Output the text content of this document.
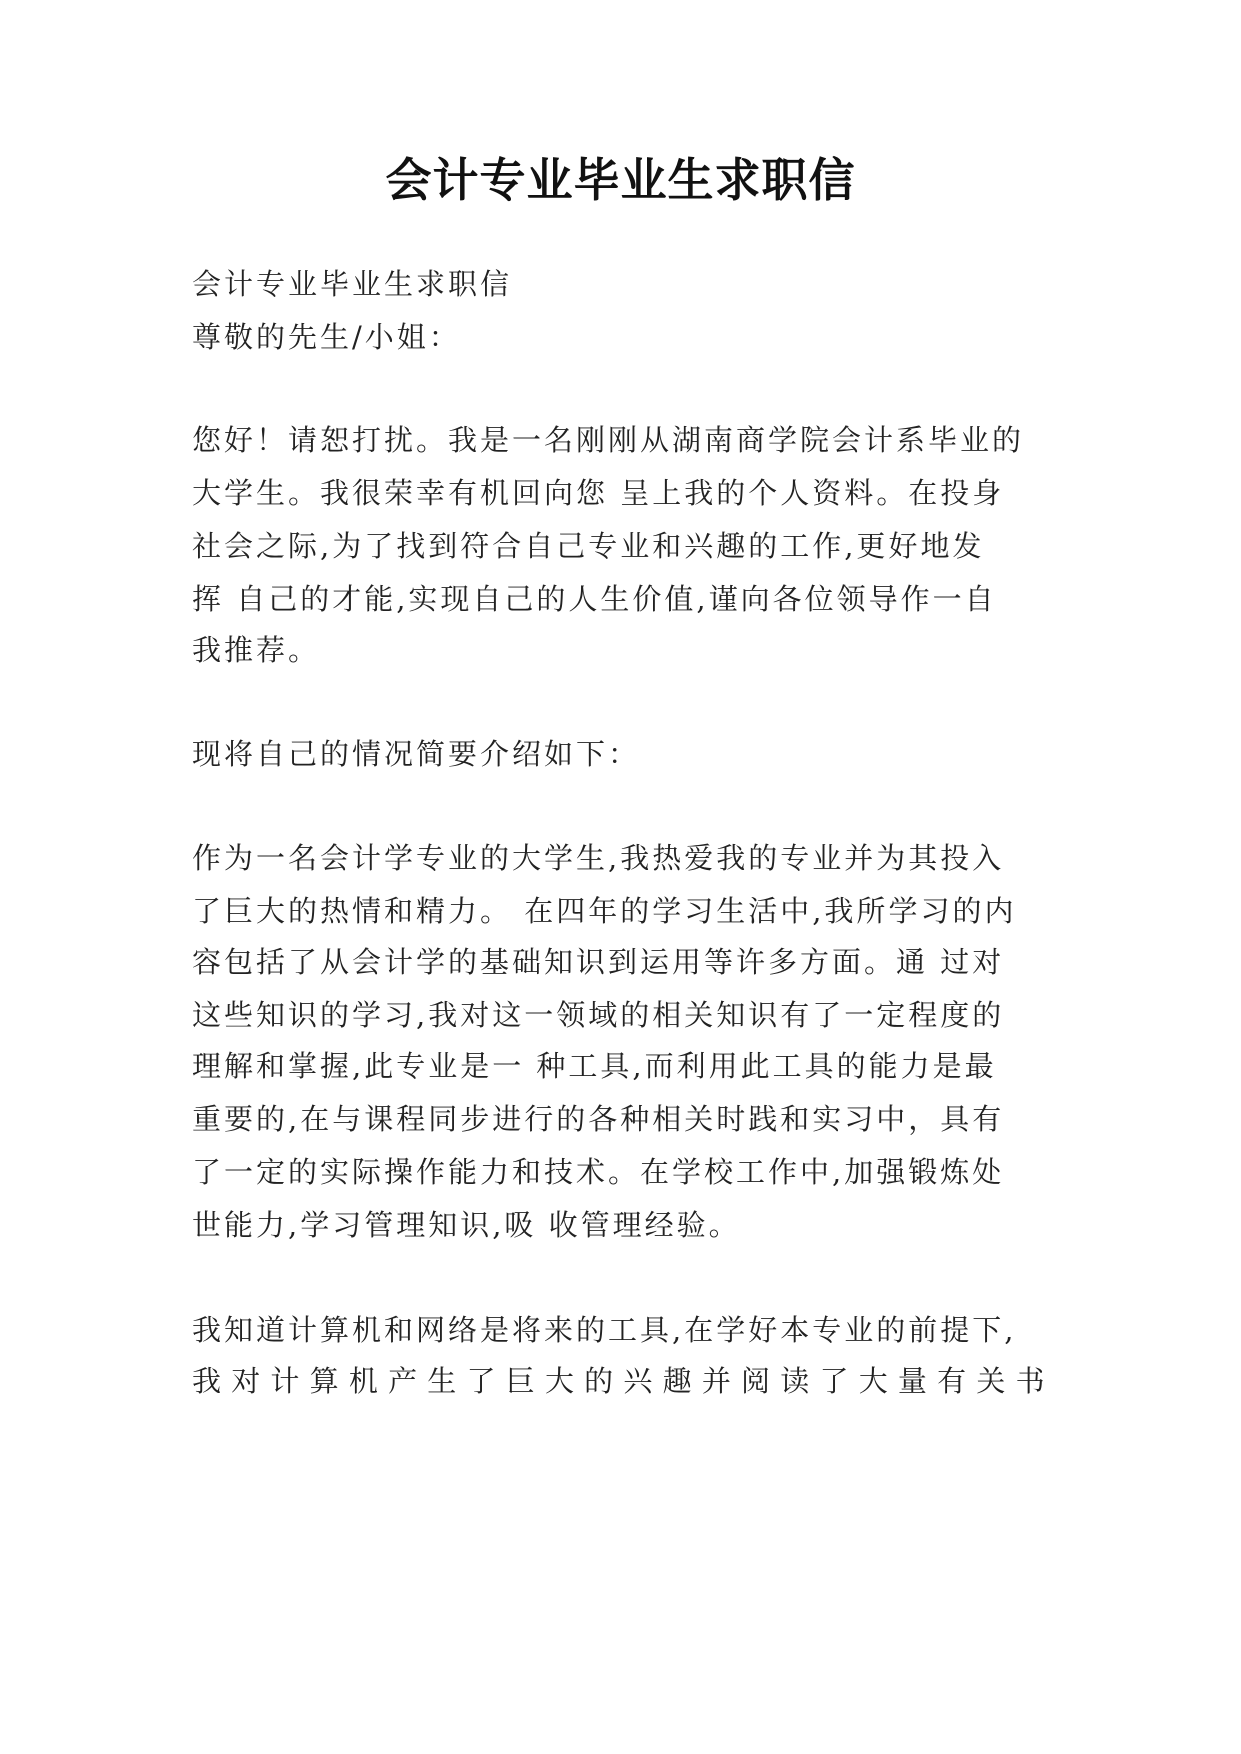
会计专业毕业生求职信
会计专业毕业生求职信
尊敬的先生/小姐：
您好！请恕打扰。我是一名刚刚从湖南商学院会计系毕业的
大学生。我很荣幸有机回向您 呈上我的个人资料。在投身
社会之际,为了找到符合自己专业和兴趣的工作,更好地发
挥 自己的才能,实现自己的人生价值,谨向各位领导作一自
我推荐。
现将自己的情况简要介绍如下：
作为一名会计学专业的大学生,我热爱我的专业并为其投入
了巨大的热情和精力。 在四年的学习生活中,我所学习的内
容包括了从会计学的基础知识到运用等许多方面。通 过对
这些知识的学习,我对这一领域的相关知识有了一定程度的
理解和掌握,此专业是一 种工具,而利用此工具的能力是最
重要的,在与课程同步进行的各种相关时践和实习中，具有
了一定的实际操作能力和技术。在学校工作中,加强锻炼处
世能力,学习管理知识,吸 收管理经验。
我知道计算机和网络是将来的工具,在学好本专业的前提下,
我 对 计 算 机 产 生 了 巨 大 的 兴 趣 并 阅 读 了 大 量 有 关 书
